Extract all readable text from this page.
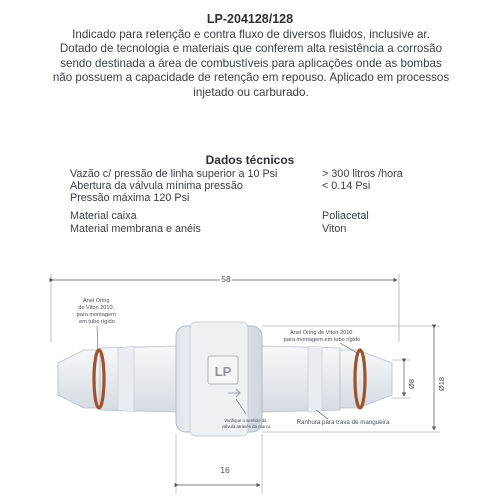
LP-204128/128
Indicado para retenção e contra fluxo de diversos fluidos, inclusive ar. Dotado de tecnologia e materiais que conferem alta resistência a corrosão sendo destinada a área de combustíveis para aplicações onde as bombas não possuem a capacidade de retenção em repouso. Aplicado em processos injetado ou carburado.
Dados técnicos
Vazão c/ pressão de linha superior a 10 Psi	> 300 litros /hora
Abertura da válvula mínima pressão	< 0.14 Psi
Pressão máxima 120 Psi
Material caixa	Poliacetal
Material membrana e anéis	Viton
58
LP
Anel Oring de Viton 2010, para montagem em tubo rígido
Anel Oring de Viton 2010 para montagem em tubo rígido
Verifique o sentido da válvula através da marca
Ranhura para trava de mangueira
Ø8	Ø18
16
